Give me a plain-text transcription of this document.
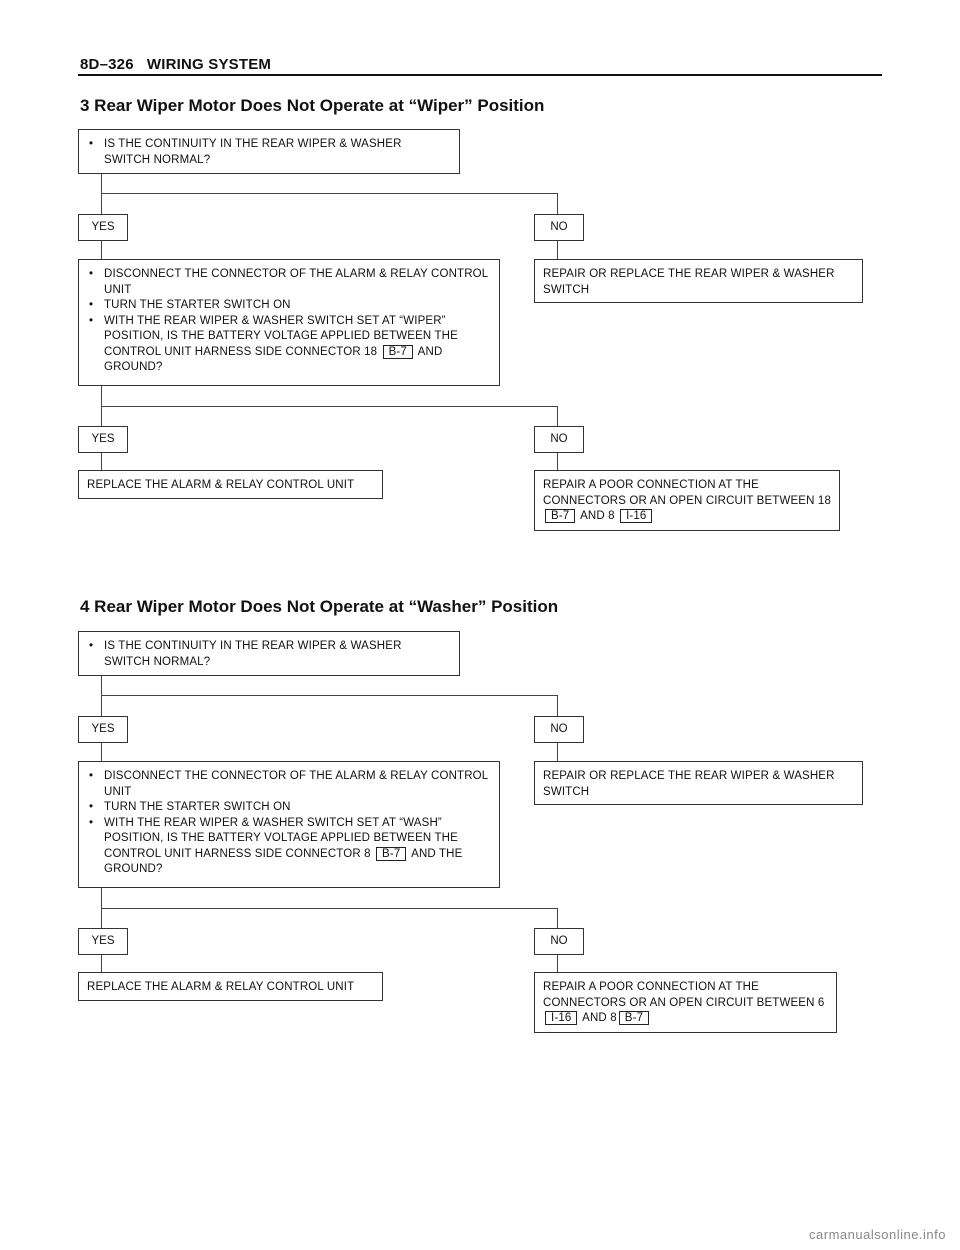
8D–326 WIRING SYSTEM
3 Rear Wiper Motor Does Not Operate at “Wiper” Position
• IS THE CONTINUITY IN THE REAR WIPER & WASHER SWITCH NORMAL?
YES	NO
• DISCONNECT THE CONNECTOR OF THE ALARM & RELAY CONTROL UNIT
• TURN THE STARTER SWITCH ON
• WITH THE REAR WIPER & WASHER SWITCH SET AT “WIPER” POSITION, IS THE BATTERY VOLTAGE APPLIED BETWEEN THE CONTROL UNIT HARNESS SIDE CONNECTOR 18 B-7 AND GROUND?
REPAIR OR REPLACE THE REAR WIPER & WASHER SWITCH
YES	NO
REPLACE THE ALARM & RELAY CONTROL UNIT	REPAIR A POOR CONNECTION AT THE CONNECTORS OR AN OPEN CIRCUIT BETWEEN 18B-7 AND 8 I-16
4 Rear Wiper Motor Does Not Operate at “Washer” Position
• IS THE CONTINUITY IN THE REAR WIPER & WASHER SWITCH NORMAL?
YES	NO
• DISCONNECT THE CONNECTOR OF THE ALARM & RELAY CONTROL UNIT
• TURN THE STARTER SWITCH ON
• WITH THE REAR WIPER & WASHER SWITCH SET AT “WASH” POSITION, IS THE BATTERY VOLTAGE APPLIED BETWEEN THE CONTROL UNIT HARNESS SIDE CONNECTOR 8 B-7 AND THE GROUND?
REPAIR OR REPLACE THE REAR WIPER & WASHER SWITCH
YES	NO
REPLACE THE ALARM & RELAY CONTROL UNIT	REPAIR A POOR CONNECTION AT THE CONNECTORS OR AN OPEN CIRCUIT BETWEEN 6 I-16 AND 8 B-7
carmanualsonline.info
